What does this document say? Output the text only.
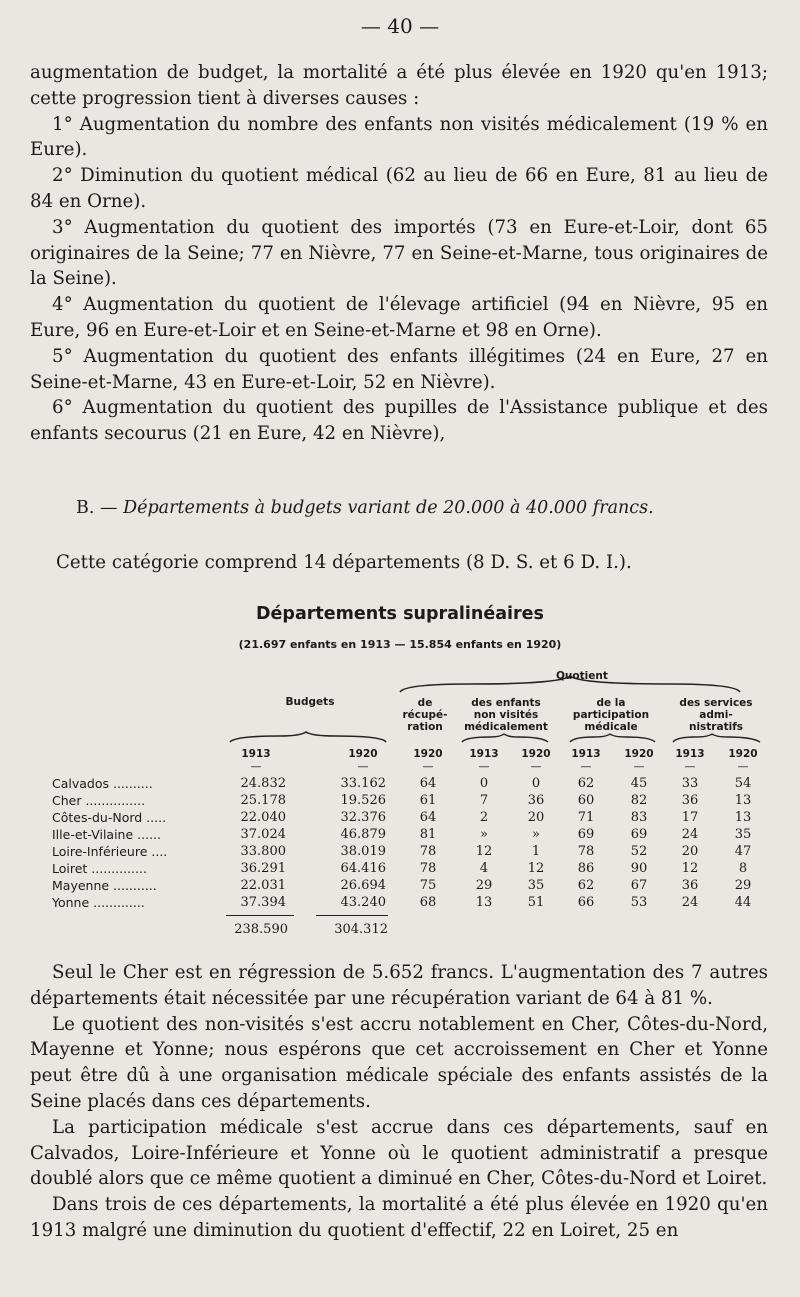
— 40 —

augmentation de budget, la mortalité a été plus élevée en 1920 qu'en 1913; cette progression tient à diverses causes :

1° Augmentation du nombre des enfants non visités médicalement (19 % en Eure).

2° Diminution du quotient médical (62 au lieu de 66 en Eure, 81 au lieu de 84 en Orne).

3° Augmentation du quotient des importés (73 en Eure-et-Loir, dont 65 originaires de la Seine; 77 en Nièvre, 77 en Seine-et-Marne, tous originaires de la Seine).

4° Augmentation du quotient de l'élevage artificiel (94 en Nièvre, 95 en Eure, 96 en Eure-et-Loir et en Seine-et-Marne et 98 en Orne).

5° Augmentation du quotient des enfants illégitimes (24 en Eure, 27 en Seine-et-Marne, 43 en Eure-et-Loir, 52 en Nièvre).

6° Augmentation du quotient des pupilles de l'Assistance publique et des enfants secourus (21 en Eure, 42 en Nièvre),

B. — Départements à budgets variant de 20.000 à 40.000 francs.
Cette catégorie comprend 14 départements (8 D. S. et 6 D. I.).
Départements supralinéaires
(21.697 enfants en 1913 — 15.854 enfants en 1920)
Quotient
Budgets	de
récupé-
ration
des enfants
non visités
médicalement
de la
participation
médicale
des services
admi-
nistratifs
1913	1920	1920	1913	1920	1913	1920	1913	1920
—	—	—	—	—	—	—	—	—
Calvados ..........	24.832	33.162	64	0	0	62	45	33	54
Cher ...............	25.178	19.526	61	7	36	60	82	36	13
Côtes-du-Nord .....	22.040	32.376	64	2	20	71	83	17	13
Ille-et-Vilaine ......	37.024	46.879	81	»	»	69	69	24	35
Loire-Inférieure ....	33.800	38.019	78	12	1	78	52	20	47
Loiret ..............	36.291	64.416	78	4	12	86	90	12	8
Mayenne ...........	22.031	26.694	75	29	35	62	67	36	29
Yonne .............	37.394	43.240	68	13	51	66	53	24	44
238.590	304.312

Seul le Cher est en régression de 5.652 francs. L'augmentation des 7 autres départements était nécessitée par une récupération variant de 64 à 81 %.

Le quotient des non-visités s'est accru notablement en Cher, Côtes-du-Nord, Mayenne et Yonne; nous espérons que cet accroissement en Cher et Yonne peut être dû à une organisation médicale spéciale des enfants assistés de la Seine placés dans ces départements.

La participation médicale s'est accrue dans ces départements, sauf en Calvados, Loire-Inférieure et Yonne où le quotient administratif a presque doublé alors que ce même quotient a diminué en Cher, Côtes-du-Nord et Loiret.

Dans trois de ces départements, la mortalité a été plus élevée en 1920 qu'en 1913 malgré une diminution du quotient d'effectif, 22 en Loiret, 25 en
